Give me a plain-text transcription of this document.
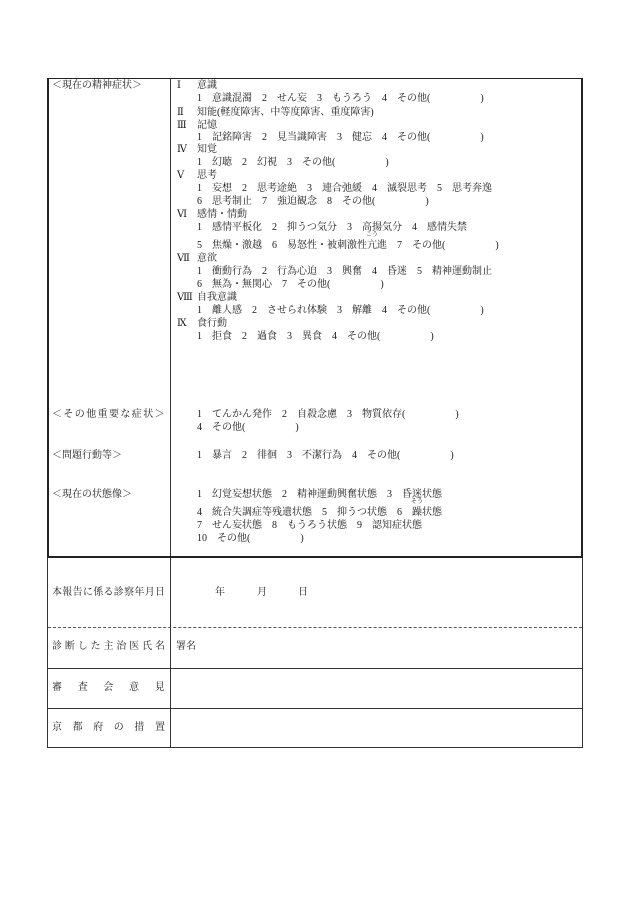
＜現在の精神症状＞	Ⅰ 意識
1　意識混濁　2　せん妄　3　もうろう　4　その他(　　　　　)
Ⅱ 知能(軽度障害、中等度障害、重度障害)
Ⅲ 記憶
1　記銘障害　2　見当識障害　3　健忘　4　その他(　　　　　)
Ⅳ 知覚
1　幻聴　2　幻視　3　その他(　　　　　)
Ⅴ 思考
1　妄想　2　思考途絶　3　連合弛緩　4　滅裂思考　5　思考奔逸
6　思考制止　7　強迫観念　8　その他(　　　　　)
Ⅵ 感情・情動
1　感情平板化　2　抑うつ気分　3　高揚気分　4　感情失禁
5　焦燥・激越　6　易怒性・被刺激性亢
こう
進　7　その他(　　　　　)
Ⅶ 意欲
1　衝動行為　2　行為心迫　3　興奮　4　昏迷　5　精神運動制止
6　無為・無関心　7　その他(　　　　　)
Ⅷ 自我意識
1　離人感　2　させられ体験　3　解離　4　その他(　　　　　)
Ⅸ 食行動
1　拒食　2　過食　3　異食　4　その他(　　　　　)
＜その他重要な症状＞	1　てんかん発作　2　自殺念慮　3　物質依存(　　　　　)
4　その他(　　　　　)
＜問題行動等＞	1　暴言　2　徘徊　3　不潔行為　4　その他(　　　　　)
＜現在の状態像＞	1　幻覚妄想状態　2　精神運動興奮状態　3　昏迷状態
4　統合失調症等残遺状態　5　抑うつ状態　6　躁
そう
状態
7　せん妄状態　8　もうろう状態　9　認知症状態
10　その他(　　　　　)
本報告に係る診察年月日	年	月	日
診断した主治医氏名 署名
審査会意見
京都府の措置
